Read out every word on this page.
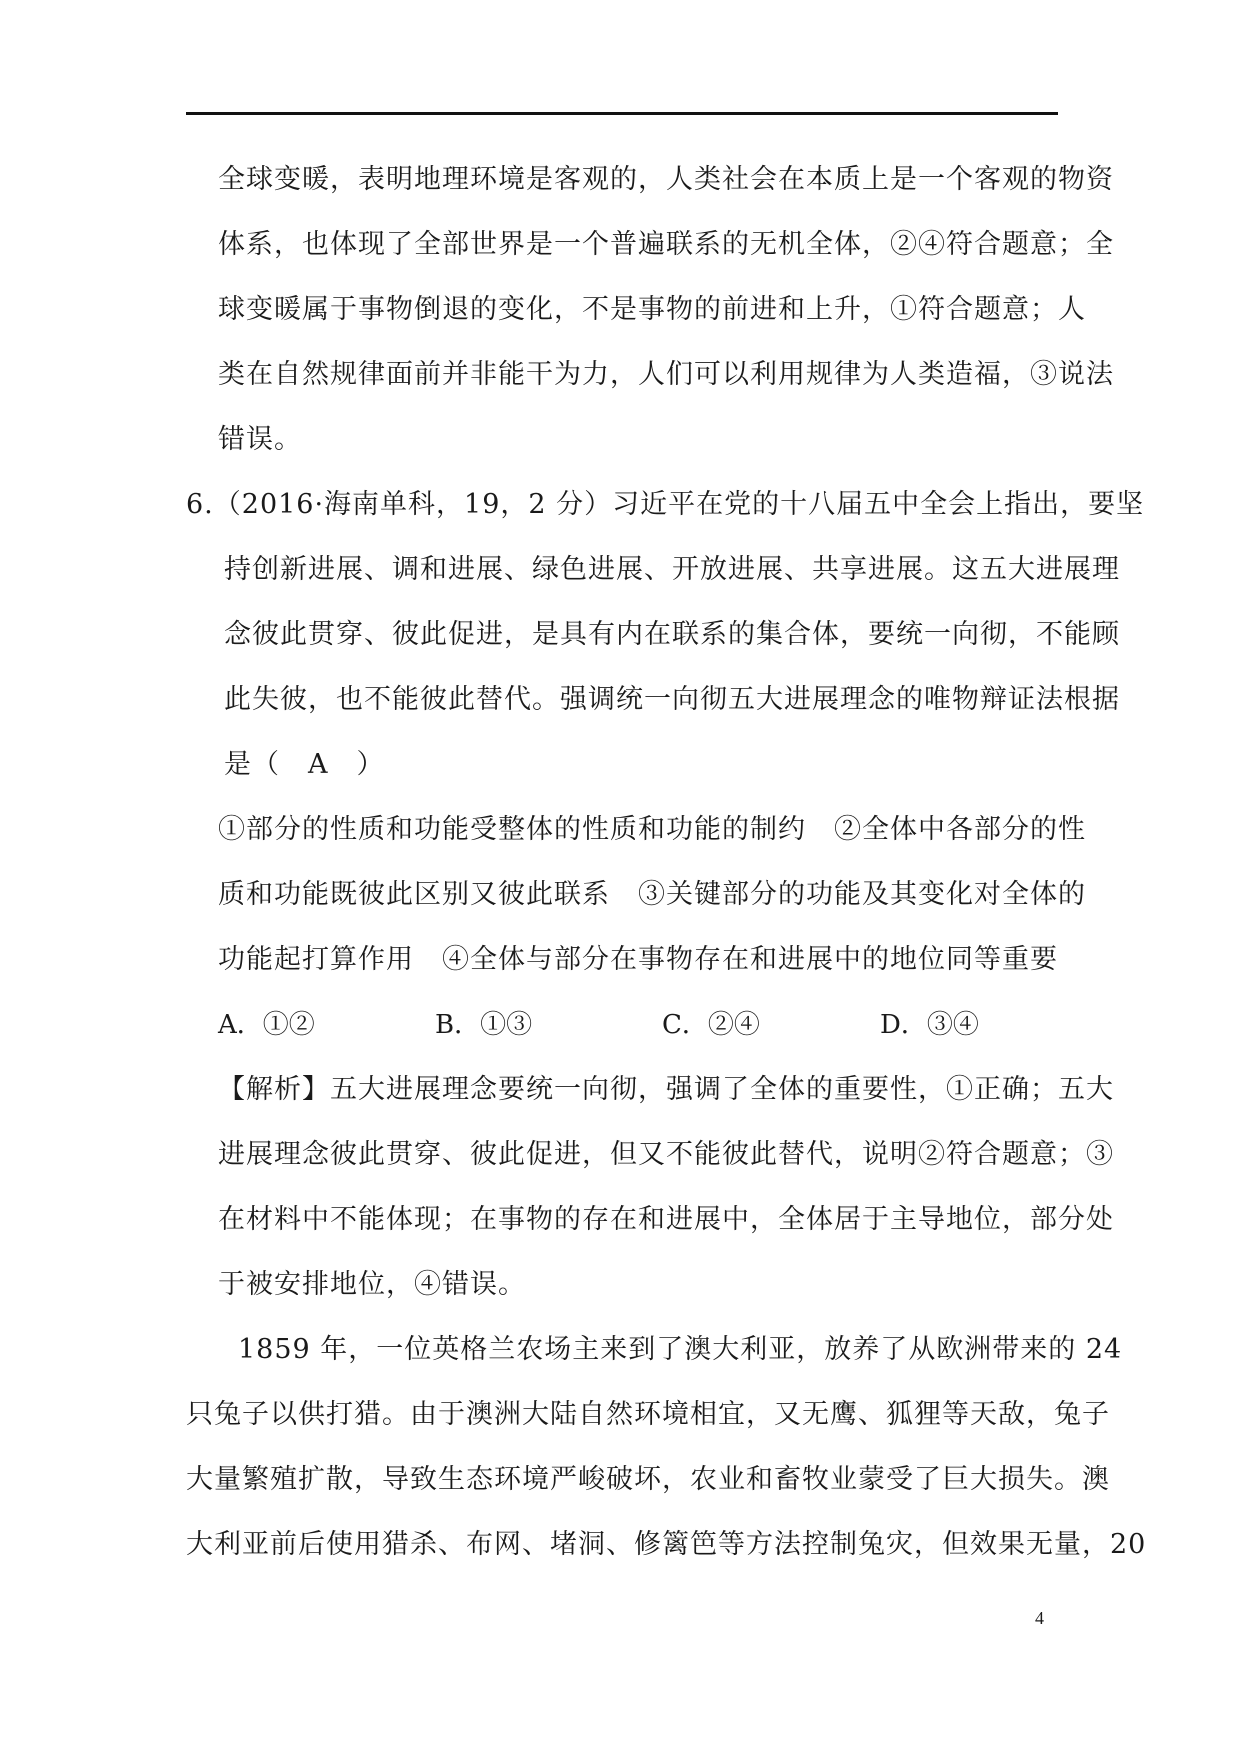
全球变暖，表明地理环境是客观的，人类社会在本质上是一个客观的物资
体系，也体现了全部世界是一个普遍联系的无机全体，②④符合题意；全
球变暖属于事物倒退的变化，不是事物的前进和上升，①符合题意；人
类在自然规律面前并非能干为力，人们可以利用规律为人类造福，③说法
错误。
6.（2016·海南单科，19，2 分）习近平在党的十八届五中全会上指出，要坚
持创新进展、调和进展、绿色进展、开放进展、共享进展。这五大进展理
念彼此贯穿、彼此促进，是具有内在联系的集合体，要统一向彻，不能顾
此失彼，也不能彼此替代。强调统一向彻五大进展理念的唯物辩证法根据
是（　A　）
①部分的性质和功能受整体的性质和功能的制约　②全体中各部分的性
质和功能既彼此区别又彼此联系　③关键部分的功能及其变化对全体的
功能起打算作用　④全体与部分在事物存在和进展中的地位同等重要
A．①②	B．①③	C．②④	D．③④
【解析】五大进展理念要统一向彻，强调了全体的重要性，①正确；五大
进展理念彼此贯穿、彼此促进，但又不能彼此替代，说明②符合题意；③
在材料中不能体现；在事物的存在和进展中，全体居于主导地位，部分处
于被安排地位，④错误。
1859 年，一位英格兰农场主来到了澳大利亚，放养了从欧洲带来的 24
只兔子以供打猎。由于澳洲大陆自然环境相宜，又无鹰、狐狸等天敌，兔子
大量繁殖扩散，导致生态环境严峻破坏，农业和畜牧业蒙受了巨大损失。澳
大利亚前后使用猎杀、布网、堵洞、修篱笆等方法控制兔灾，但效果无量，20
4
